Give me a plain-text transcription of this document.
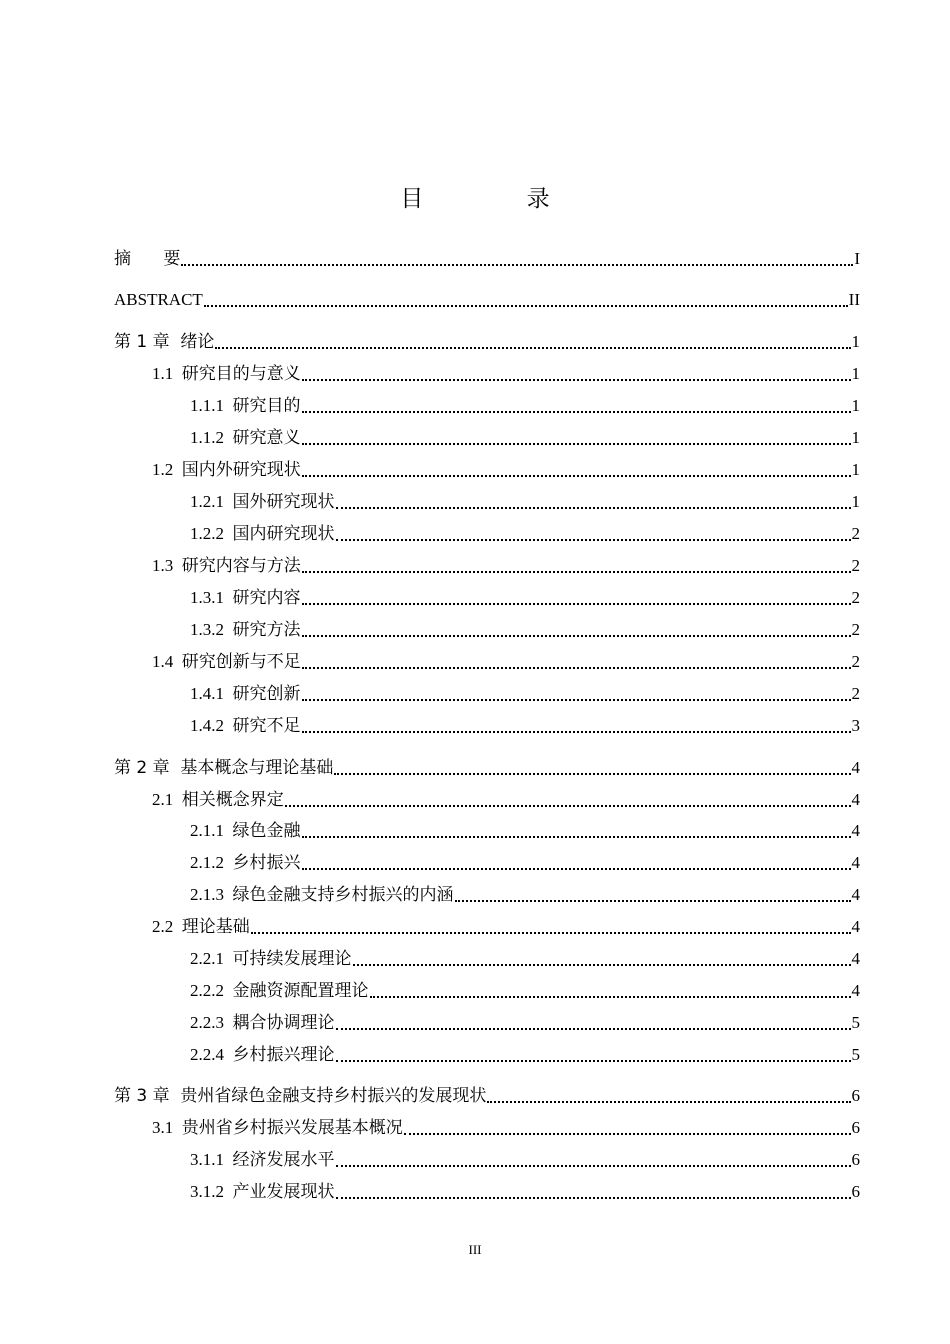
目 录
摘      要	I
ABSTRACT	II
第 1 章  绪论	1
1.1  研究目的与意义	1
1.1.1  研究目的	1
1.1.2  研究意义	1
1.2  国内外研究现状	1
1.2.1  国外研究现状	1
1.2.2  国内研究现状	2
1.3  研究内容与方法	2
1.3.1  研究内容	2
1.3.2  研究方法	2
1.4  研究创新与不足	2
1.4.1  研究创新	2
1.4.2  研究不足	3
第 2 章  基本概念与理论基础	4
2.1  相关概念界定	4
2.1.1  绿色金融	4
2.1.2  乡村振兴	4
2.1.3  绿色金融支持乡村振兴的内涵	4
2.2  理论基础	4
2.2.1  可持续发展理论	4
2.2.2  金融资源配置理论	4
2.2.3  耦合协调理论	5
2.2.4  乡村振兴理论	5
第 3 章  贵州省绿色金融支持乡村振兴的发展现状	6
3.1  贵州省乡村振兴发展基本概况	6
3.1.1  经济发展水平	6
3.1.2  产业发展现状	6
III
